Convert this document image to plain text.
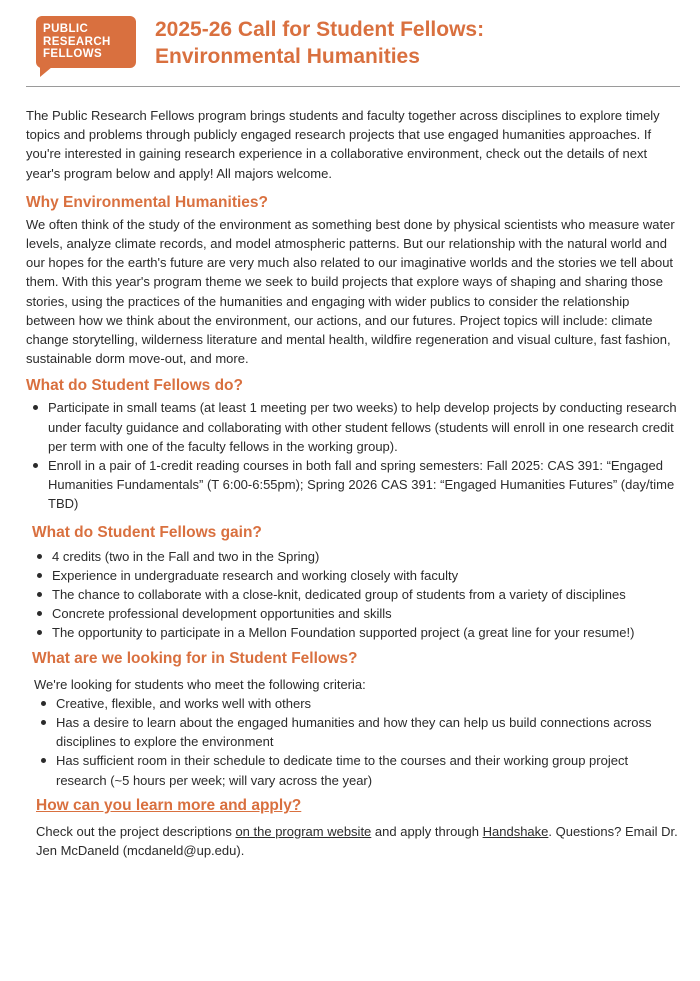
PUBLIC
RESEARCH
FELLOWS
2025-26 Call for Student Fellows:
Environmental Humanities

The Public Research Fellows program brings students and faculty together across disciplines to explore timely topics and problems through publicly engaged research projects that use engaged humanities approaches. If you're interested in gaining research experience in a collaborative environment, check out the details of next year's program below and apply! All majors welcome.

Why Environmental Humanities?

We often think of the study of the environment as something best done by physical scientists who measure water levels, analyze climate records, and model atmospheric patterns. But our relationship with the natural world and our hopes for the earth's future are very much also related to our imaginative worlds and the stories we tell about them. With this year's program theme we seek to build projects that explore ways of shaping and sharing those stories, using the practices of the humanities and engaging with wider publics to consider the relationship between how we think about the environment, our actions, and our futures. Project topics will include: climate change storytelling, wilderness literature and mental health, wildfire regeneration and visual culture, fast fashion, sustainable dorm move-out, and more.

What do Student Fellows do?
Participate in small teams (at least 1 meeting per two weeks) to help develop projects by conducting research under faculty guidance and collaborating with other student fellows (students will enroll in one research credit per term with one of the faculty fellows in the working group).
Enroll in a pair of 1-credit reading courses in both fall and spring semesters: Fall 2025: CAS 391: “Engaged Humanities Fundamentals” (T 6:00-6:55pm); Spring 2026 CAS 391: “Engaged Humanities Futures” (day/time TBD)
What do Student Fellows gain?
4 credits (two in the Fall and two in the Spring)
Experience in undergraduate research and working closely with faculty
The chance to collaborate with a close-knit, dedicated group of students from a variety of disciplines
Concrete professional development opportunities and skills
The opportunity to participate in a Mellon Foundation supported project (a great line for your resume!)
What are we looking for in Student Fellows?

We're looking for students who meet the following criteria:

Creative, flexible, and works well with others
Has a desire to learn about the engaged humanities and how they can help us build connections across disciplines to explore the environment
Has sufficient room in their schedule to dedicate time to the courses and their working group project research (~5 hours per week; will vary across the year)
How can you learn more and apply?

Check out the project descriptions on the program website and apply through Handshake. Questions? Email Dr. Jen McDaneld (mcdaneld@up.edu).
